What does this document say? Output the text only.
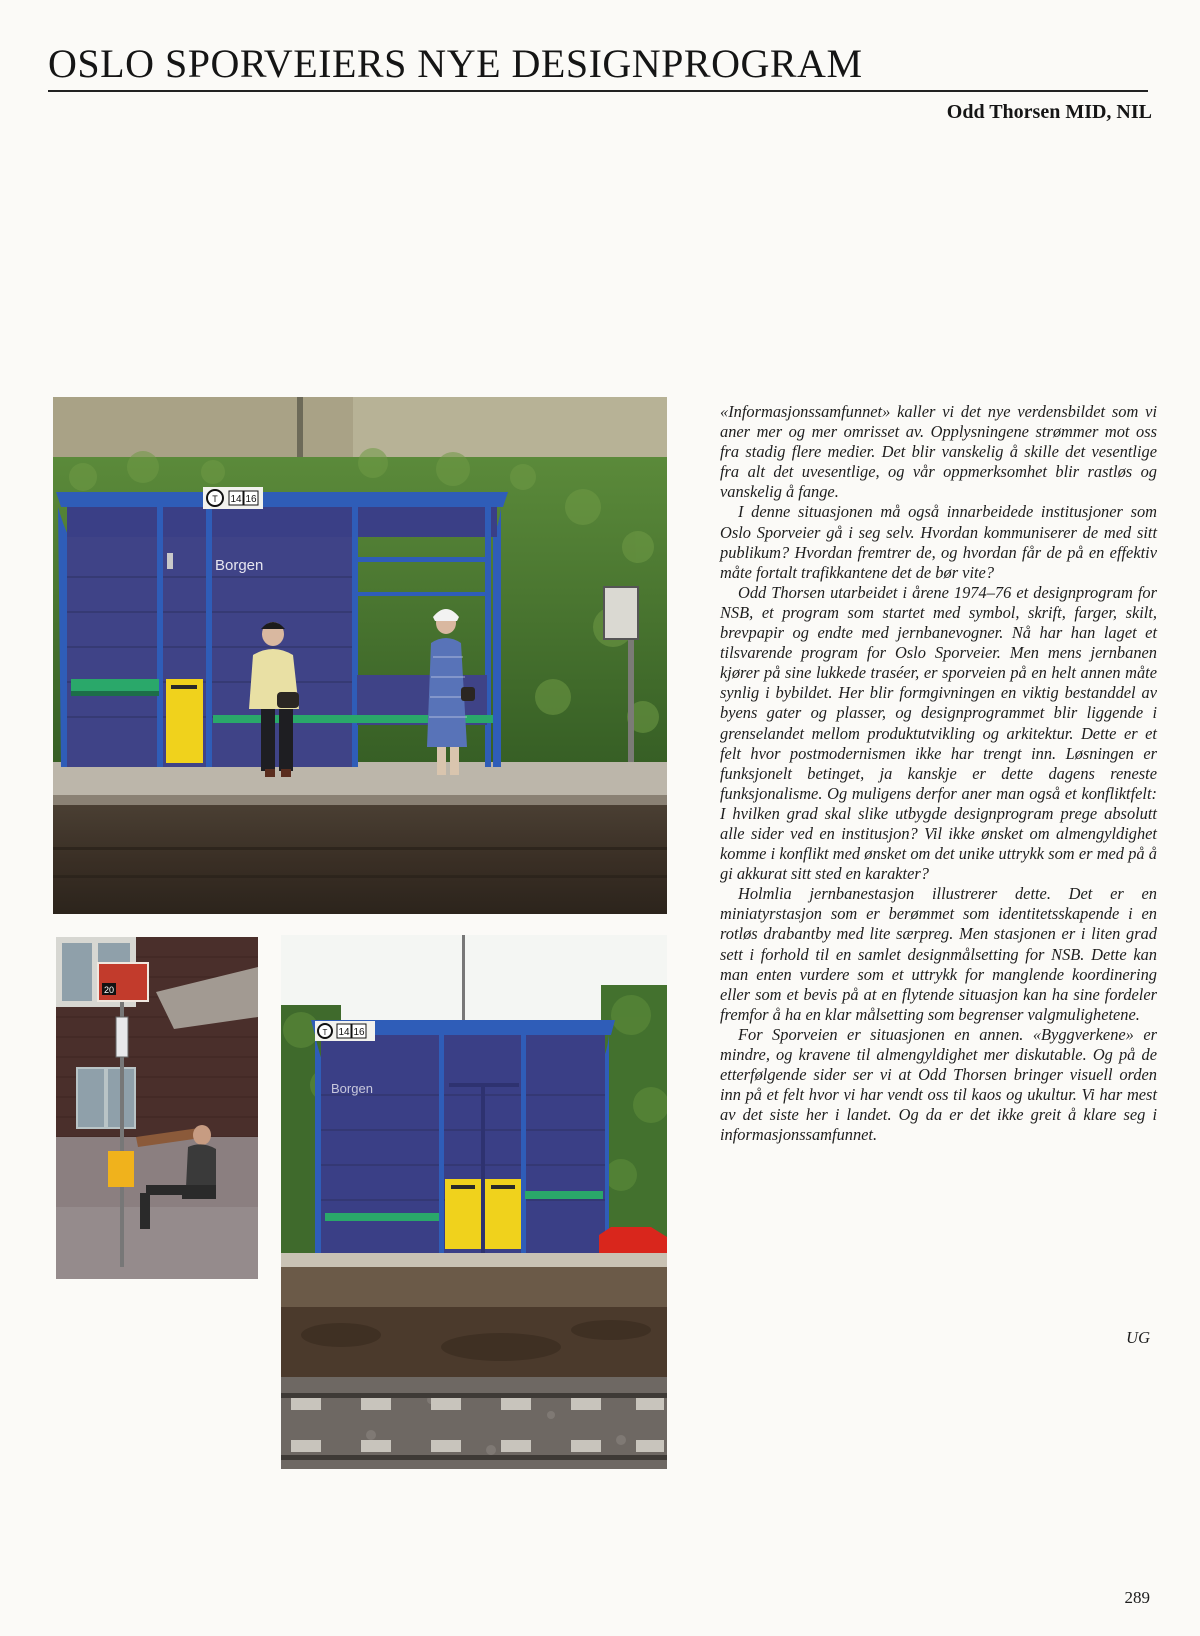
OSLO SPORVEIERS NYE DESIGNPROGRAM
Odd Thorsen MID, NIL
T 14 16
Borgen
20
T 14 16
Borgen

«Informasjonssamfunnet» kaller vi det nye verdensbildet som vi aner mer og mer omrisset av. Opplysningene strømmer mot oss fra stadig flere medier. Det blir vanskelig å skille det vesentlige fra alt det uvesentlige, og vår oppmerksomhet blir rastløs og vanskelig å fange.

I denne situasjonen må også innarbeidede institusjoner som Oslo Sporveier gå i seg selv. Hvordan kommuniserer de med sitt publikum? Hvordan fremtrer de, og hvordan får de på en effektiv måte fortalt trafikkantene det de bør vite?

Odd Thorsen utarbeidet i årene 1974–76 et designprogram for NSB, et program som startet med symbol, skrift, farger, skilt, brevpapir og endte med jernbanevogner. Nå har han laget et tilsvarende program for Oslo Sporveier. Men mens jernbanen kjører på sine lukkede traséer, er sporveien på en helt annen måte synlig i bybildet. Her blir formgivningen en viktig bestanddel av byens gater og plasser, og designprogrammet blir liggende i grenselandet mellom produktutvikling og arkitektur. Dette er et felt hvor postmodernismen ikke har trengt inn. Løsningen er funksjonelt betinget, ja kanskje er dette dagens reneste funksjonalisme. Og muligens derfor aner man også et konfliktfelt: I hvilken grad skal slike utbygde designprogram prege absolutt alle sider ved en institusjon? Vil ikke ønsket om almengyldighet komme i konflikt med ønsket om det unike uttrykk som er med på å gi akkurat sitt sted en karakter?

Holmlia jernbanestasjon illustrerer dette. Det er en miniatyrstasjon som er berømmet som identitetsskapende i en rotløs drabantby med lite særpreg. Men stasjonen er i liten grad sett i forhold til en samlet designmålsetting for NSB. Dette kan man enten vurdere som et uttrykk for manglende koordinering eller som et bevis på at en flytende situasjon kan ha sine fordeler fremfor å ha en klar målsetting som begrenser valgmulighetene.

For Sporveien er situasjonen en annen. «Byggverkene» er mindre, og kravene til almengyldighet mer diskutable. Og på de etterfølgende sider ser vi at Odd Thorsen bringer visuell orden inn på et felt hvor vi har vendt oss til kaos og ukultur. Vi har mest av det siste her i landet. Og da er det ikke greit å klare seg i informasjonssamfunnet.

UG
289
